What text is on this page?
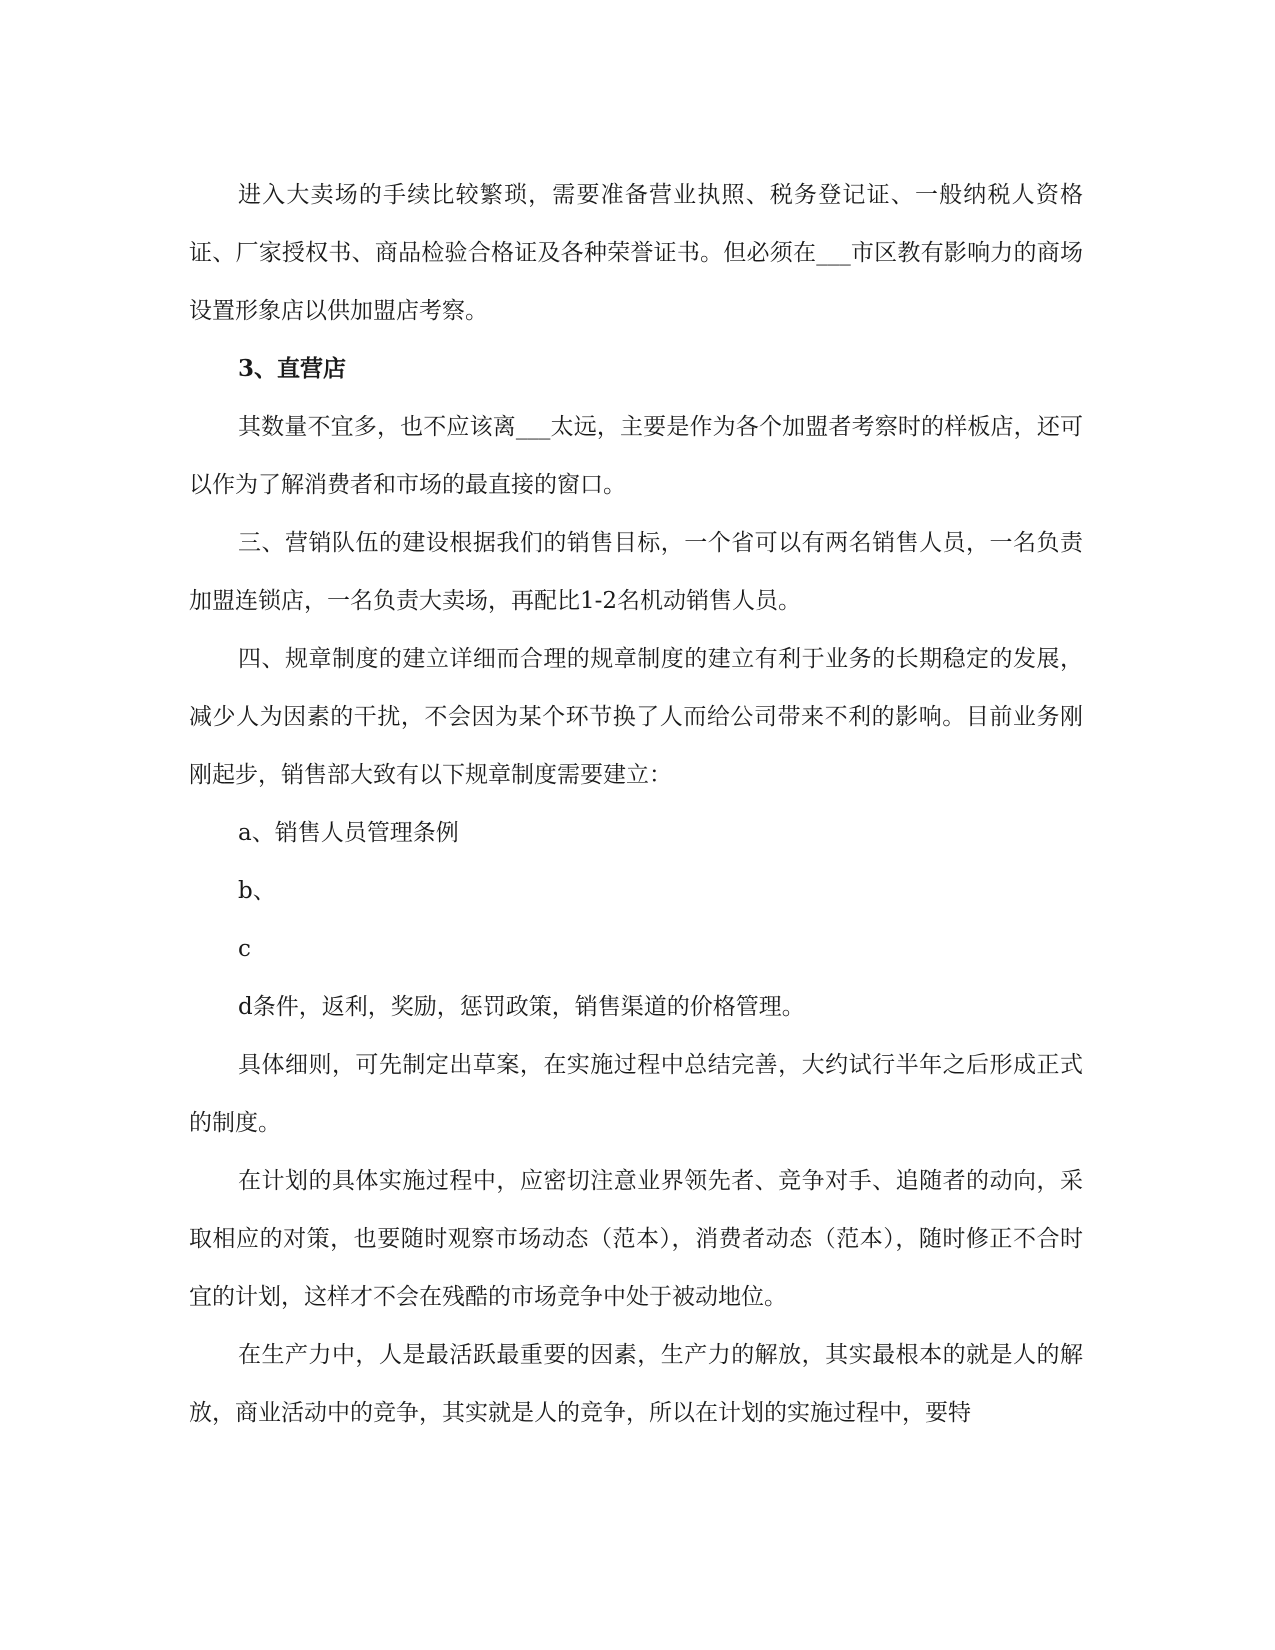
进入大卖场的手续比较繁琐，需要准备营业执照、税务登记证、一般纳税人资格证、厂家授权书、商品检验合格证及各种荣誉证书。但必须在___市区教有影响力的商场设置形象店以供加盟店考察。

3、直营店

其数量不宜多，也不应该离___太远，主要是作为各个加盟者考察时的样板店，还可以作为了解消费者和市场的最直接的窗口。

三、营销队伍的建设根据我们的销售目标，一个省可以有两名销售人员，一名负责加盟连锁店，一名负责大卖场，再配比1-2名机动销售人员。

四、规章制度的建立详细而合理的规章制度的建立有利于业务的长期稳定的发展，减少人为因素的干扰，不会因为某个环节换了人而给公司带来不利的影响。目前业务刚刚起步，销售部大致有以下规章制度需要建立：

a、销售人员管理条例

b、

c

d条件，返利，奖励，惩罚政策，销售渠道的价格管理。

具体细则，可先制定出草案，在实施过程中总结完善，大约试行半年之后形成正式的制度。

在计划的具体实施过程中，应密切注意业界领先者、竞争对手、追随者的动向，采取相应的对策，也要随时观察市场动态（范本），消费者动态（范本），随时修正不合时宜的计划，这样才不会在残酷的市场竞争中处于被动地位。

在生产力中，人是最活跃最重要的因素，生产力的解放，其实最根本的就是人的解放，商业活动中的竞争，其实就是人的竞争，所以在计划的实施过程中，要特
